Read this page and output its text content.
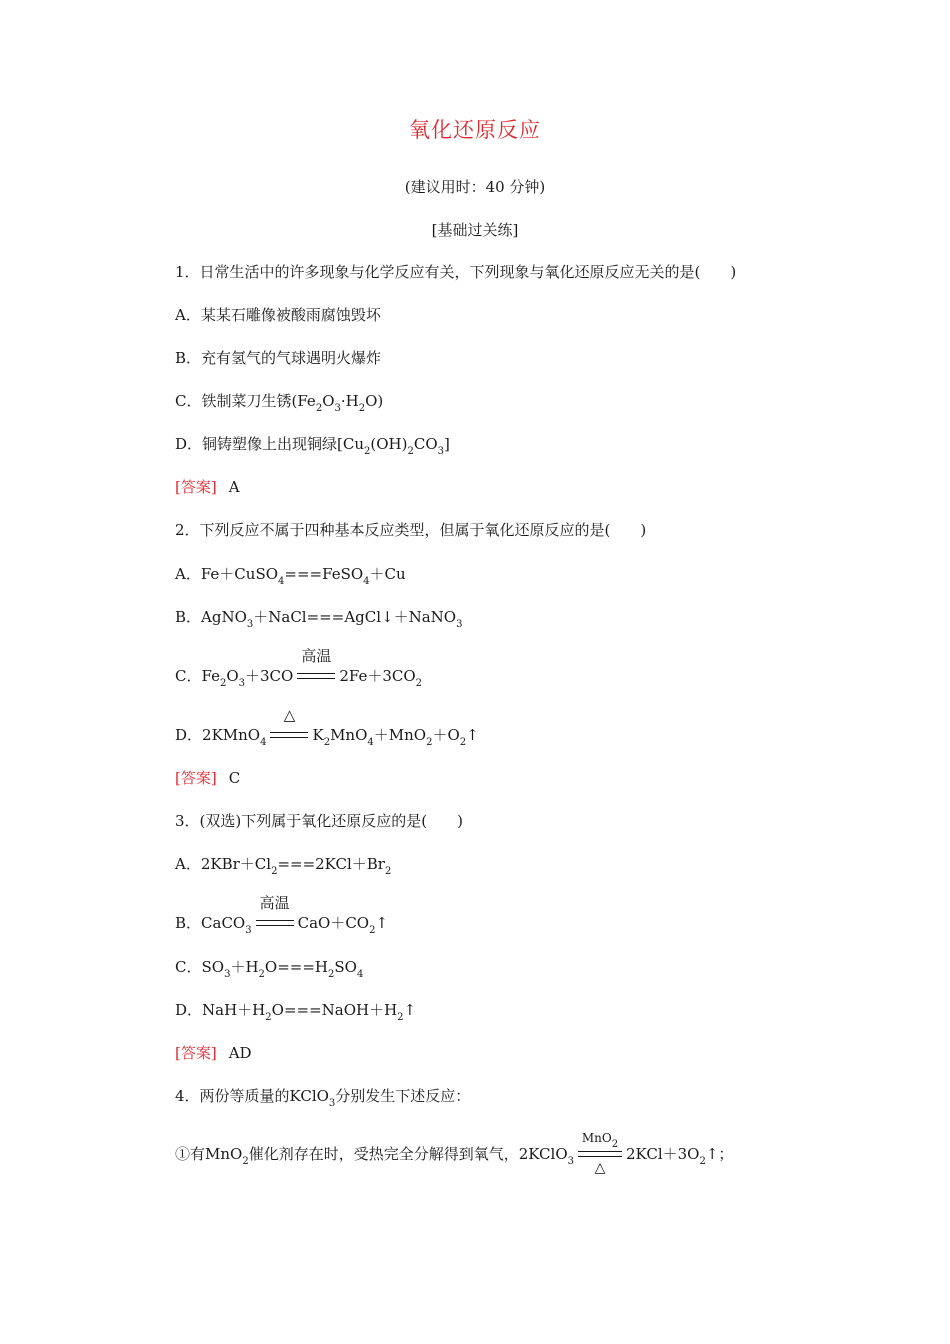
氧化还原反应
(建议用时：40 分钟)
[基础过关练]
1．日常生活中的许多现象与化学反应有关，下列现象与氧化还原反应无关的是(　　)
A．某某石雕像被酸雨腐蚀毁坏
B．充有氢气的气球遇明火爆炸
C．铁制菜刀生锈$(Fe_2O_3\cdot H_2O)$
D．铜铸塑像上出现铜绿$[Cu_2(OH)_2CO_3]$
[答案] A
2．下列反应不属于四种基本反应类型，但属于氧化还原反应的是(　　)
A．Fe＋CuSO$_4$===FeSO$_4$＋Cu
B．AgNO$_3$＋NaCl===AgCl↓＋NaNO$_3$
C．$Fe_2O_3+3CO$
高温
$2Fe+3CO_2$
D．2KMnO$_4$
△
$K_2MnO_4+MnO_2+O_2↑$
[答案] C
3．(双选)下列属于氧化还原反应的是(　　)
A．$2KBr+Cl_2===2KCl+Br_2$
B．CaCO$_3$
高温
$CaO+CO_2↑$
C．$SO_3+H_2O===H_2SO_4$
D．$NaH+H_2O===NaOH+H_2↑$
[答案] AD
4．两份等质量的KClO$_3$分别发生下述反应：
①有MnO$_2$催化剂存在时，受热完全分解得到氧气，2KClO$_3$
MnO$_2$
△
$2KCl+3O_2↑$；
